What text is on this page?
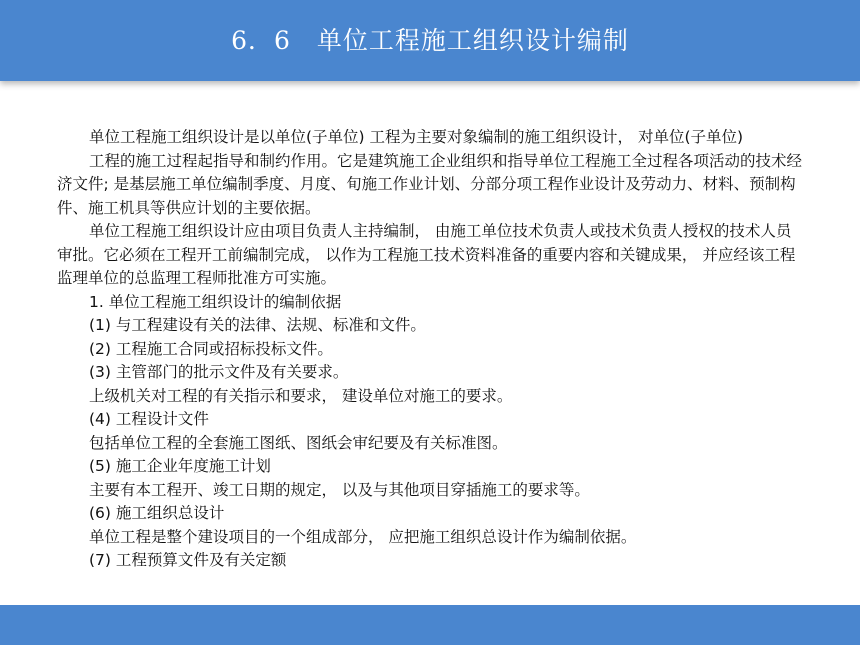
6．6　单位工程施工组织设计编制

单位工程施工组织设计是以单位(子单位) 工程为主要对象编制的施工组织设计， 对单位(子单位)

工程的施工过程起指导和制约作用。它是建筑施工企业组织和指导单位工程施工全过程各项活动的技术经济文件; 是基层施工单位编制季度、月度、旬施工作业计划、分部分项工程作业设计及劳动力、材料、预制构件、施工机具等供应计划的主要依据。

单位工程施工组织设计应由项目负责人主持编制， 由施工单位技术负责人或技术负责人授权的技术人员审批。它必须在工程开工前编制完成， 以作为工程施工技术资料准备的重要内容和关键成果， 并应经该工程监理单位的总监理工程师批准方可实施。

1. 单位工程施工组织设计的编制依据
(1) 与工程建设有关的法律、法规、标准和文件。
(2) 工程施工合同或招标投标文件。
(3) 主管部门的批示文件及有关要求。
上级机关对工程的有关指示和要求， 建设单位对施工的要求。
(4) 工程设计文件
包括单位工程的全套施工图纸、图纸会审纪要及有关标准图。
(5) 施工企业年度施工计划
主要有本工程开、竣工日期的规定， 以及与其他项目穿插施工的要求等。
(6) 施工组织总设计
单位工程是整个建设项目的一个组成部分， 应把施工组织总设计作为编制依据。
(7) 工程预算文件及有关定额
